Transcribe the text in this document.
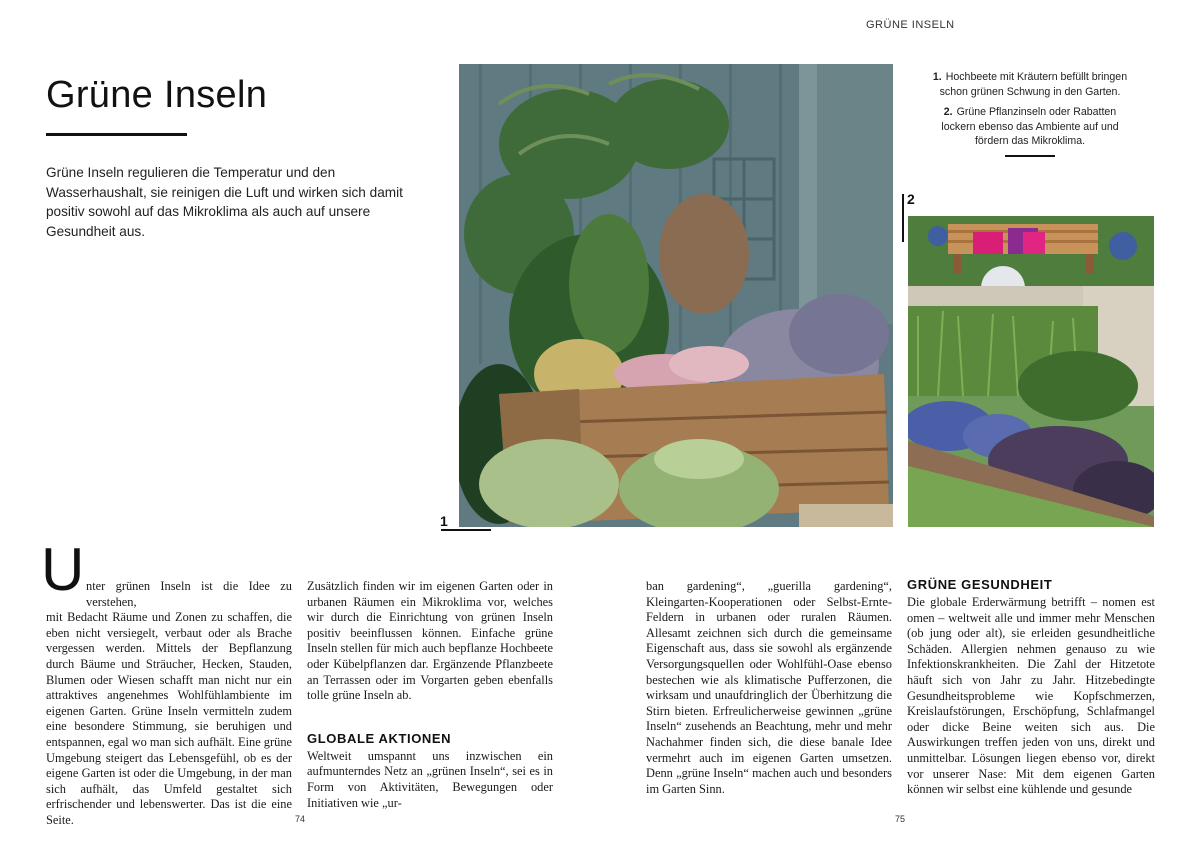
GRÜNE INSELN
Grüne Inseln

Grüne Inseln regulieren die Temperatur und den Wasserhaushalt, sie reinigen die Luft und wirken sich damit positiv sowohl auf das Mikroklima als auch auf unsere Gesundheit aus.

1

1. Hochbeete mit Kräutern befüllt bringen schon grünen Schwung in den Garten.

2. Grüne Pflanzinseln oder Rabatten lockern ebenso das Ambiente auf und fördern das Mikroklima.

2
U nter grünen Inseln ist die Idee zu verstehen,
mit Bedacht Räume und Zonen zu schaffen, die eben nicht versiegelt, verbaut oder als Brache vergessen werden. Mittels der Bepflanzung durch Bäume und Sträucher, Hecken, Stauden, Blumen oder Wiesen schafft man nicht nur ein attraktives angenehmes Wohlfühlambiente im eigenen Garten. Grüne Inseln vermitteln zudem eine besondere Stimmung, sie beruhigen und entspannen, egal wo man sich aufhält. Eine grüne Umgebung steigert das Lebensgefühl, ob es der eigene Garten ist oder die Umgebung, in der man sich aufhält, das Umfeld gestaltet sich erfrischender und lebenswerter. Das ist die eine Seite.

Zusätzlich finden wir im eigenen Garten oder in urbanen Räumen ein Mikroklima vor, welches wir durch die Einrichtung von grünen Inseln positiv beeinflussen können. Einfache grüne Inseln stellen für mich auch bepflanze Hochbeete oder Kübelpflanzen dar. Ergänzende Pflanzbeete an Terrassen oder im Vorgarten geben ebenfalls tolle grüne Inseln ab.

GLOBALE AKTIONEN

Weltweit umspannt uns inzwischen ein aufmunterndes Netz an „grünen Inseln“, sei es in Form von Aktivitäten, Bewegungen oder Initiativen wie „ur-

ban gardening“, „guerilla gardening“, Kleingarten-Kooperationen oder Selbst-Ernte-Feldern in urbanen oder ruralen Räumen. Allesamt zeichnen sich durch die gemeinsame Eigenschaft aus, dass sie sowohl als ergänzende Versorgungsquellen oder Wohlfühl-Oase ebenso bestechen wie als klimatische Pufferzonen, die wirksam und unaufdringlich der Überhitzung die Stirn bieten. Erfreulicherweise gewinnen „grüne Inseln“ zusehends an Beachtung, mehr und mehr Nachahmer finden sich, die diese banale Idee vermehrt auch im eigenen Garten umsetzen. Denn „grüne Inseln“ machen auch und besonders im Garten Sinn.

GRÜNE GESUNDHEIT

Die globale Erderwärmung betrifft – nomen est omen – weltweit alle und immer mehr Menschen (ob jung oder alt), sie erleiden gesundheitliche Schäden. Allergien nehmen genauso zu wie Infektionskrankheiten. Die Zahl der Hitzetote häuft sich von Jahr zu Jahr. Hitzebedingte Gesundheitsprobleme wie Kopfschmerzen, Kreislaufstörungen, Erschöpfung, Schlafmangel oder dicke Beine weiten sich aus. Die Auswirkungen treffen jeden von uns, direkt und unmittelbar. Lösungen liegen ebenso vor, direkt vor unserer Nase: Mit dem eigenen Garten können wir selbst eine kühlende und gesunde

74	75
